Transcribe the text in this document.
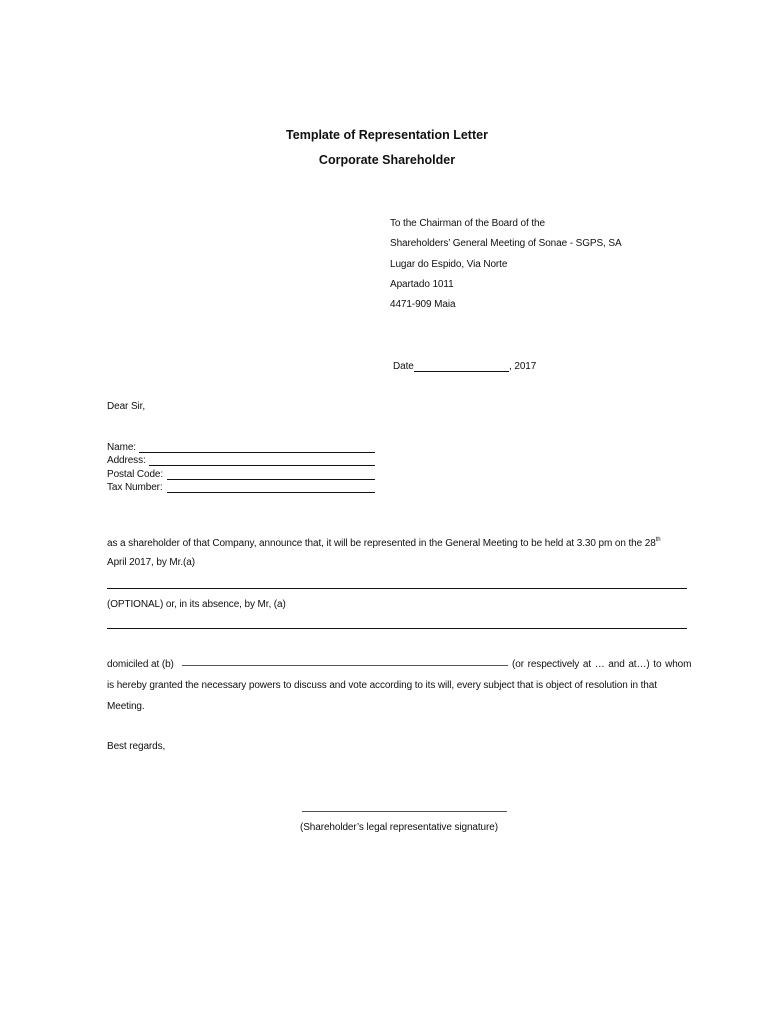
Template of Representation Letter
Corporate Shareholder
To the Chairman of the Board of the
Shareholders’ General Meeting of Sonae - SGPS, SA
Lugar do Espido, Via Norte
Apartado 1011
4471-909 Maia
Date	, 2017
Dear Sir,
Name:
Address:
Postal Code:
Tax Number:
as a shareholder of that Company, announce that, it will be represented in the General Meeting to be held at 3.30 pm on the 28th
April 2017, by Mr.(a)
(OPTIONAL) or, in its absence, by Mr, (a)
domiciled at (b)	(or respectively at … and at…) to whom
is hereby granted the necessary powers to discuss and vote according to its will, every subject that is object of resolution in that
Meeting.
Best regards,
(Shareholder’s legal representative signature)
